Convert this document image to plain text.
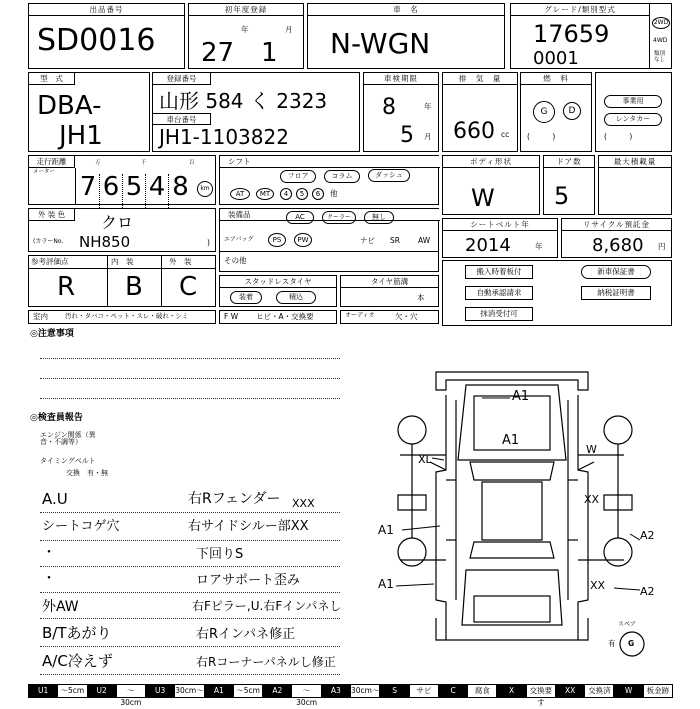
出品番号
SD0016
初年度登録
年	月
27 1
車　名
N-WGN
グレード/類別型式
17659
0001
2WD
4WD
類別なし
型　式
DBA-
JH1
登録番号
山形 584 く 2323
車台番号
JH1-1103822
車検期限
8	年
5 月
排　気　量
660 cc
燃　料
G	D
(　　　)
事業用
レンタカー
(　　　)
走行距離
メーター
万	千	百
7 6 5 4 8	km
シフト
フロア	コラム	ダッシュ
AT	MT	4	5	6	他
ボディ形状
W
ドア数
5
最大積載量
外 装 色	クロ
(カラーNo. NH850	)
装備品	AC	クーラー	無し
エアバッグ	PS	PW	ナビ SR AW
その他
シートベルト年
2014	年
リサイクル預託金
8,680 円
参考評価点	内　装	外　装
R B C	スタッドレスタイヤ
装着	積込
タイヤ筋溝
本
搬入時着板付
自動承認請求
抹消受付可
新車保証書
納税証明書
室内	汚れ・タバコ・ペット・スレ・破れ・シミ	F W ヒビ・A・交換要	オーディオ	欠・穴
◎注意事項
◎検査員報告
エンジン関係（異音・不調等）
タイミングベルト
交換　有・無
A.U	右Rフェンダー XXX
シートコゲ穴	右サイドシルー部XX
・	下回りS
・	ロアサポート歪み
外AW	右Fピラー,U.右Fインパネし
B/Tあがり	右Rインパネ修正
A/C冷えず	右Rコーナーパネルし修正
A1
A1
XL
W
XX
A1	A2
XX
A1
A2
スペア
有 G
U1	〜5cm	U2	〜30cm
U3	30cm〜	A1	〜5cm	A2	〜30cm
A3	30cm〜	S	サビ	C	腐食	X	交換要す
XX	交換済	W	板金跡
